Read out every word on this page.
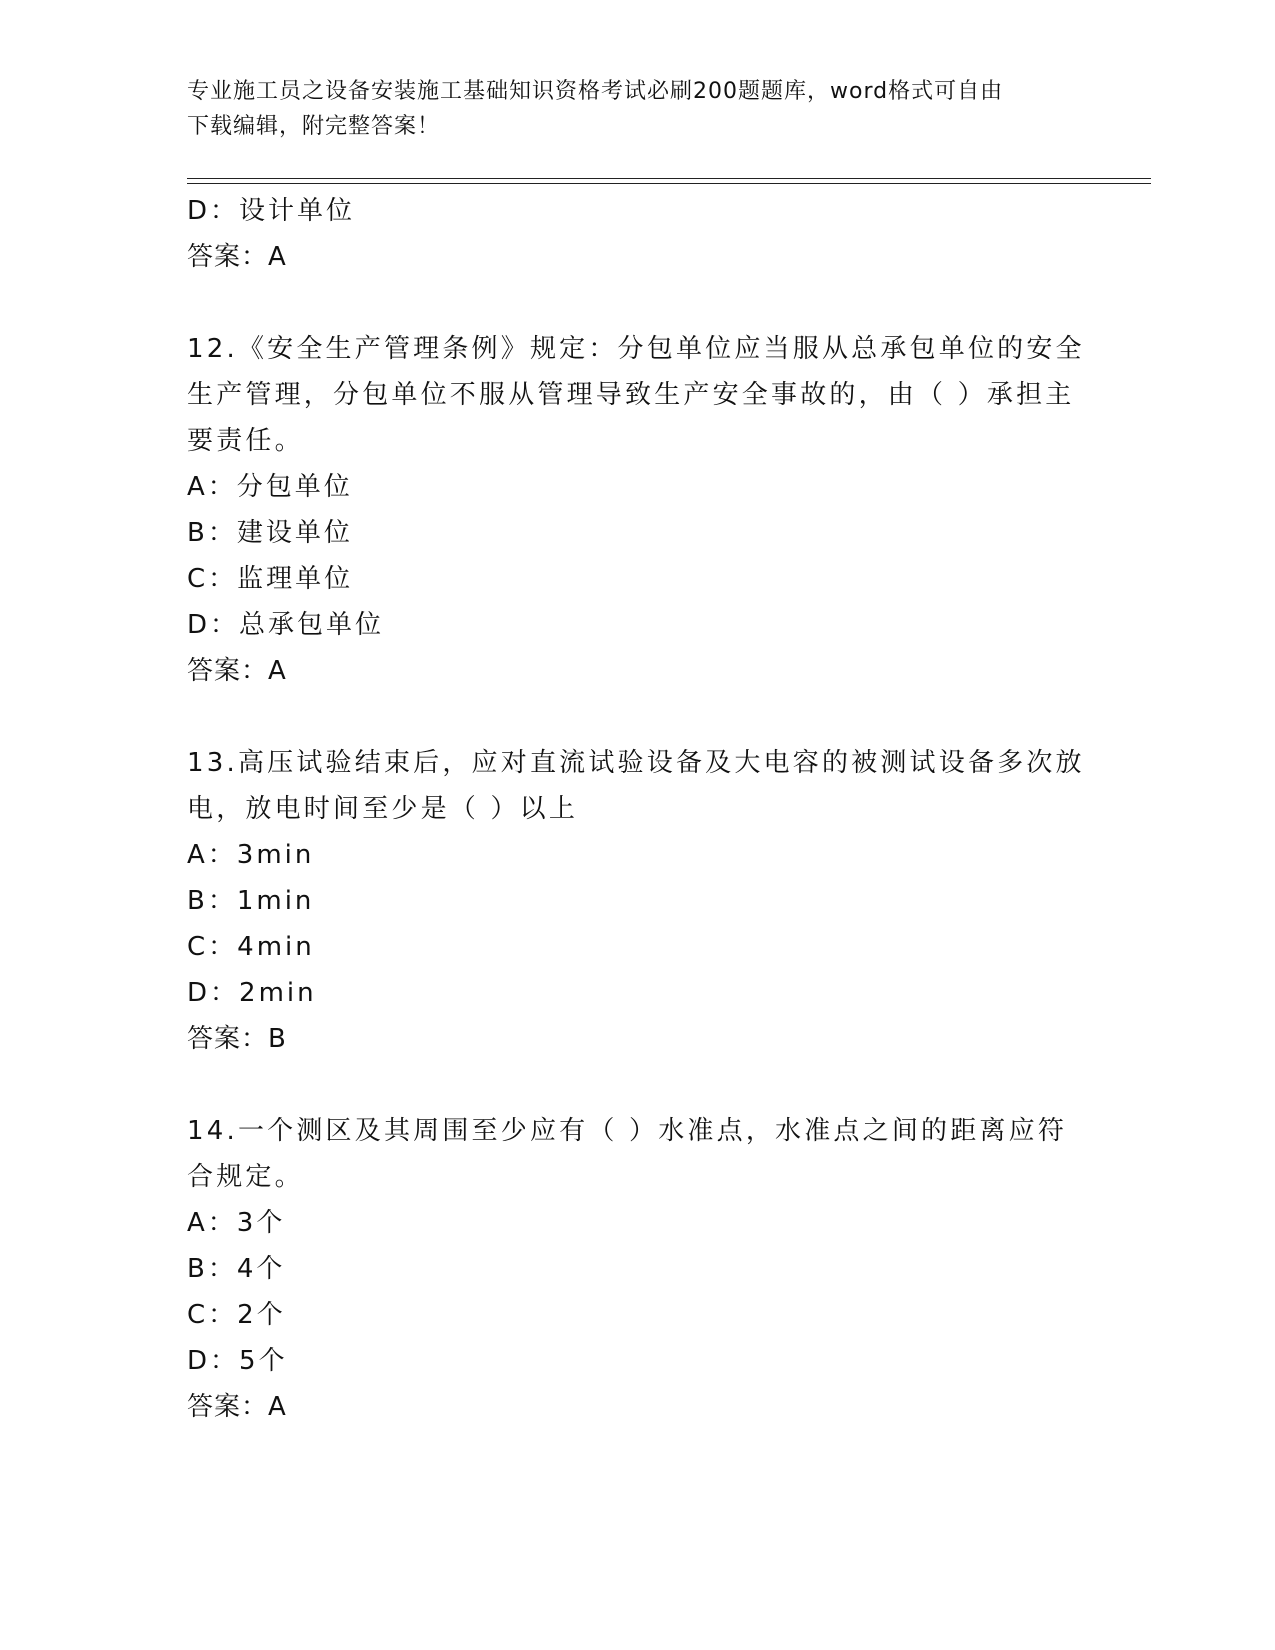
专业施工员之设备安装施工基础知识资格考试必刷200题题库，word格式可自由
下载编辑，附完整答案！
D：设计单位
答案：A
12.《安全生产管理条例》规定：分包单位应当服从总承包单位的安全
生产管理，分包单位不服从管理导致生产安全事故的，由（ ）承担主
要责任。
A：分包单位
B：建设单位
C：监理单位
D：总承包单位
答案：A
13.高压试验结束后，应对直流试验设备及大电容的被测试设备多次放
电，放电时间至少是（ ）以上
A：3min
B：1min
C：4min
D：2min
答案：B
14.一个测区及其周围至少应有（ ）水准点，水准点之间的距离应符
合规定。
A：3个
B：4个
C：2个
D：5个
答案：A
